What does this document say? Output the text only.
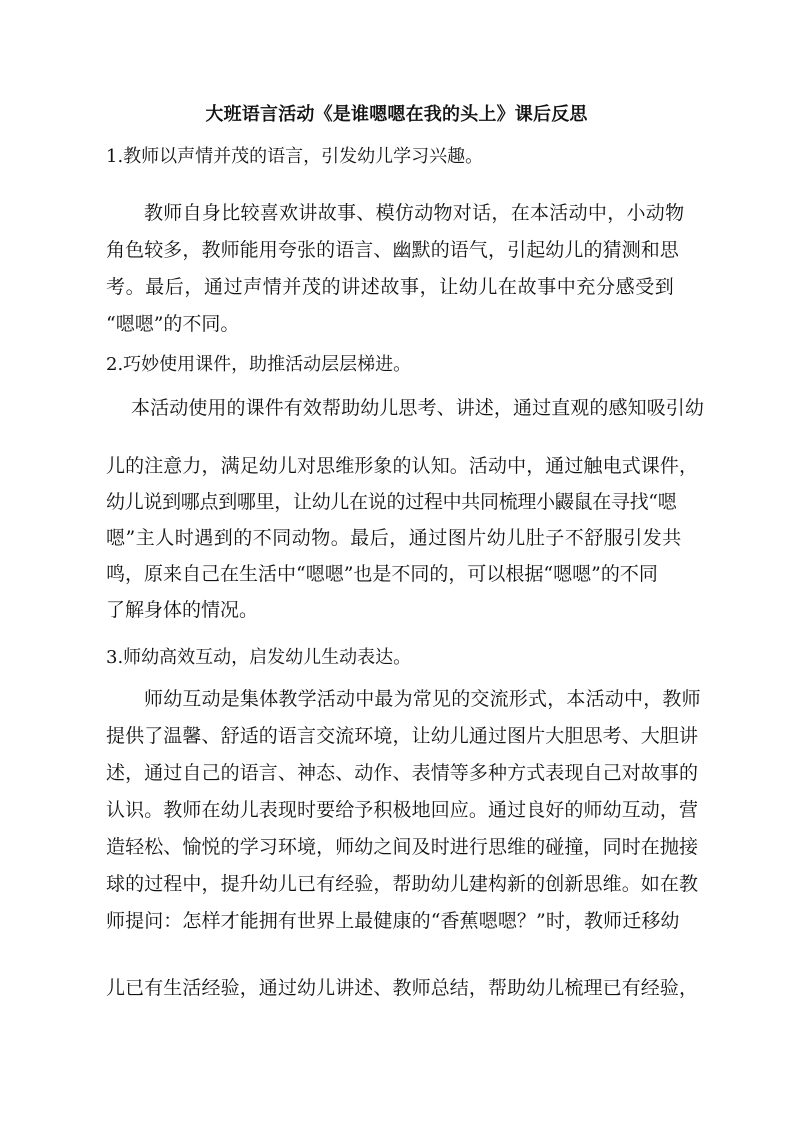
大班语言活动《是谁嗯嗯在我的头上》课后反思
1.教师以声情并茂的语言，引发幼儿学习兴趣。
教师自身比较喜欢讲故事、模仿动物对话，在本活动中，小动物
角色较多，教师能用夸张的语言、幽默的语气，引起幼儿的猜测和思
考。最后，通过声情并茂的讲述故事，让幼儿在故事中充分感受到
“嗯嗯”的不同。
2.巧妙使用课件，助推活动层层梯进。
本活动使用的课件有效帮助幼儿思考、讲述，通过直观的感知吸引幼
儿的注意力，满足幼儿对思维形象的认知。活动中，通过触电式课件，
幼儿说到哪点到哪里，让幼儿在说的过程中共同梳理小鼹鼠在寻找“嗯
嗯”主人时遇到的不同动物。最后，通过图片幼儿肚子不舒服引发共
鸣，原来自己在生活中“嗯嗯”也是不同的，可以根据“嗯嗯”的不同
了解身体的情况。
3.师幼高效互动，启发幼儿生动表达。
师幼互动是集体教学活动中最为常见的交流形式，本活动中，教师
提供了温馨、舒适的语言交流环境，让幼儿通过图片大胆思考、大胆讲
述，通过自己的语言、神态、动作、表情等多种方式表现自己对故事的
认识。教师在幼儿表现时要给予积极地回应。通过良好的师幼互动，营
造轻松、愉悦的学习环境，师幼之间及时进行思维的碰撞，同时在抛接
球的过程中，提升幼儿已有经验，帮助幼儿建构新的创新思维。如在教
师提问：怎样才能拥有世界上最健康的“香蕉嗯嗯？”时，教师迁移幼
儿已有生活经验，通过幼儿讲述、教师总结，帮助幼儿梳理已有经验，
